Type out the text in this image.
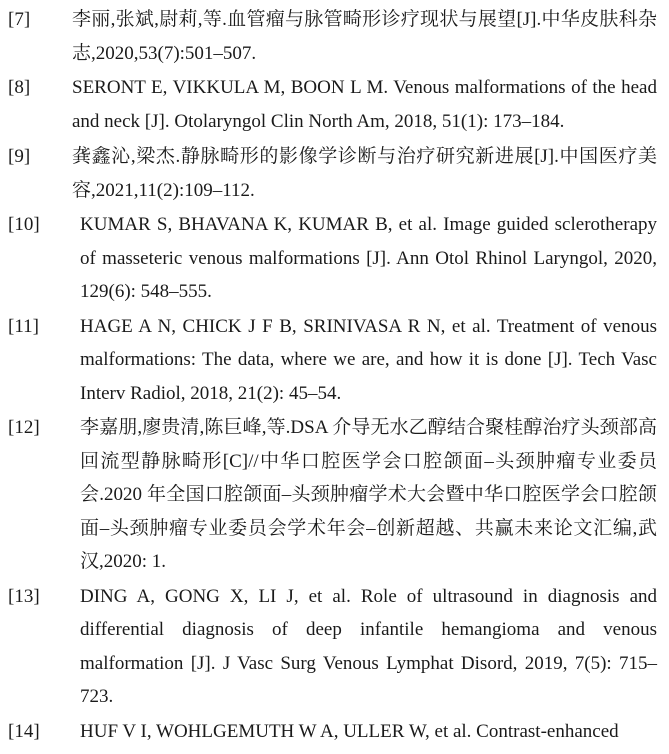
[7] 李丽,张斌,尉莉,等.血管瘤与脉管畸形诊疗现状与展望[J].中华皮肤科杂志,2020,53(7):501–507.
[8] SERONT E, VIKKULA M, BOON L M. Venous malformations of the head and neck [J]. Otolaryngol Clin North Am, 2018, 51(1): 173–184.
[9] 龚鑫沁,梁杰.静脉畸形的影像学诊断与治疗研究新进展[J].中国医疗美容,2021,11(2):109–112.
[10] KUMAR S, BHAVANA K, KUMAR B, et al. Image guided sclerotherapy of masseteric venous malformations [J]. Ann Otol Rhinol Laryngol, 2020, 129(6): 548–555.
[11] HAGE A N, CHICK J F B, SRINIVASA R N, et al. Treatment of venous malformations: The data, where we are, and how it is done [J]. Tech Vasc Interv Radiol, 2018, 21(2): 45–54.
[12] 李嘉朋,廖贵清,陈巨峰,等.DSA 介导无水乙醇结合聚桂醇治疗头颈部高回流型静脉畸形[C]//中华口腔医学会口腔颌面–头颈肿瘤专业委员会.2020 年全国口腔颌面–头颈肿瘤学术大会暨中华口腔医学会口腔颌面–头颈肿瘤专业委员会学术年会–创新超越、共赢未来论文汇编,武汉,2020: 1.
[13] DING A, GONG X, LI J, et al. Role of ultrasound in diagnosis and differential diagnosis of deep infantile hemangioma and venous malformation [J]. J Vasc Surg Venous Lymphat Disord, 2019, 7(5): 715–723.
[14] HUF V I, WOHLGEMUTH W A, ULLER W, et al. Contrast-enhanced
